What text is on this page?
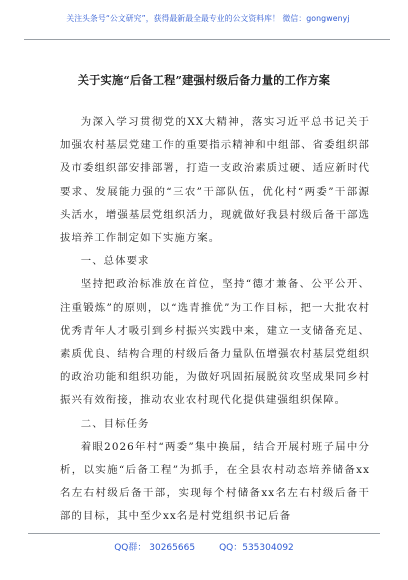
关注头条号“公文研究”，获得最新最全最专业的公文资料库！ 微信：gongwenyj
关于实施“后备工程”建强村级后备力量的工作方案

为深入学习贯彻党的XX大精神，落实习近平总书记关于加强农村基层党建工作的重要指示精神和中组部、省委组织部及市委组织部安排部署，打造一支政治素质过硬、适应新时代要求、发展能力强的“三农”干部队伍，优化村“两委”干部源头活水，增强基层党组织活力，现就做好我县村级后备干部选拔培养工作制定如下实施方案。

一、总体要求

坚持把政治标准放在首位，坚持“德才兼备、公平公开、注重锻炼”的原则，以“选青推优”为工作目标，把一大批农村优秀青年人才吸引到乡村振兴实践中来，建立一支储备充足、素质优良、结构合理的村级后备力量队伍增强农村基层党组织的政治功能和组织功能，为做好巩固拓展脱贫攻坚成果同乡村振兴有效衔接，推动农业农村现代化提供建强组织保障。

二、目标任务

着眼2026年村“两委”集中换届，结合开展村班子届中分析，以实施“后备工程”为抓手，在全县农村动态培养储备xx名左右村级后备干部，实现每个村储备xx名左右村级后备干部的目标，其中至少xx名是村党组织书记后备

QQ群： 30265665	QQ：535304092
